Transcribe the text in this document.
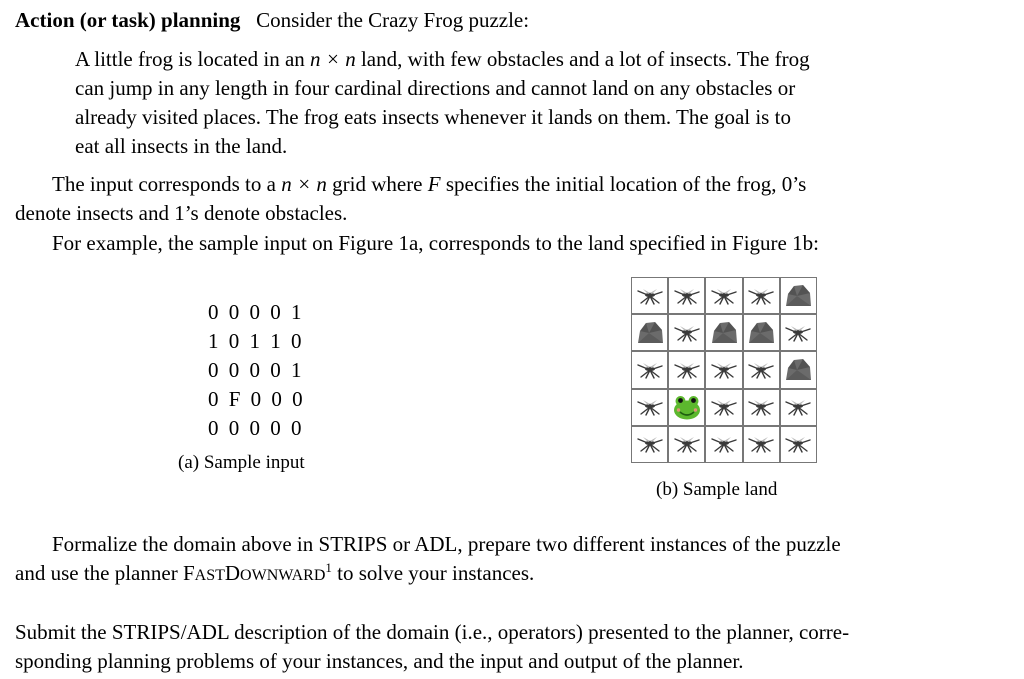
Action (or task) planning Consider the Crazy Frog puzzle:
A little frog is located in an n × n land, with few obstacles and a lot of insects. The frog
can jump in any length in four cardinal directions and cannot land on any obstacles or
already visited places. The frog eats insects whenever it lands on them. The goal is to
eat all insects in the land.
The input corresponds to a n × n grid where F specifies the initial location of the frog, 0’s
denote insects and 1’s denote obstacles.
For example, the sample input on Figure 1a, corresponds to the land specified in Figure 1b:
0 0 0 0 1
1 0 1 1 0
0 0 0 0 1
0 F 0 0 0
0 0 0 0 0
(a) Sample input
(b) Sample land
Formalize the domain above in STRIPS or ADL, prepare two different instances of the puzzle
and use the planner FASTDOWNWARD$^1$ to solve your instances.
Submit the STRIPS/ADL description of the domain (i.e., operators) presented to the planner, corre-
sponding planning problems of your instances, and the input and output of the planner.
